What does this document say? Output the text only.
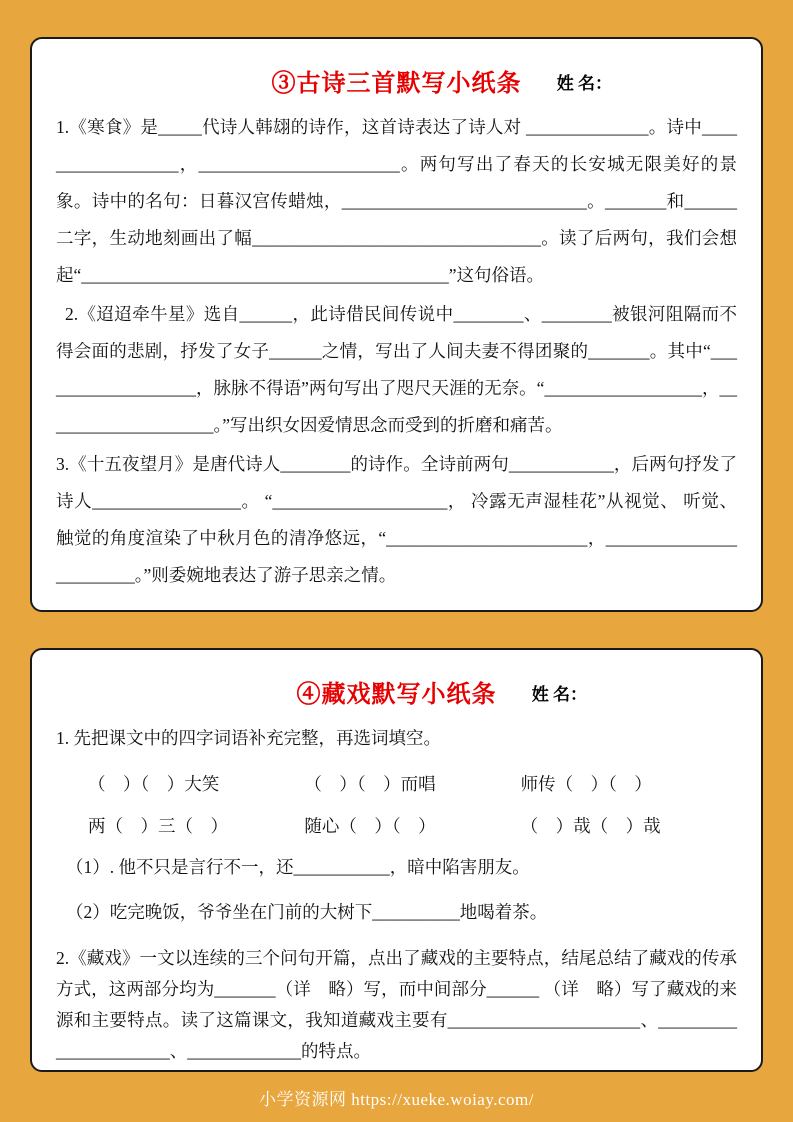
③古诗三首默写小纸条 姓 名：

1.《寒食》是_____代诗人韩翃的诗作，这首诗表达了诗人对 ______________。诗中__________________，_______________________。两句写出了春天的长安城无限美好的景象。诗中的名句：日暮汉宫传蜡烛，____________________________。_______和______二字，生动地刻画出了幅_________________________________。读了后两句，我们会想起“__________________________________________”这句俗语。

2.《迢迢牵牛星》选自______，此诗借民间传说中________、________被银河阻隔而不得会面的悲剧，抒发了女子______之情，写出了人间夫妻不得团聚的_______。其中“___________________，脉脉不得语”两句写出了咫尺天涯的无奈。“__________________，____________________。”写出织女因爱情思念而受到的折磨和痛苦。

3.《十五夜望月》是唐代诗人________的诗作。全诗前两句____________，后两句抒发了诗人_________________。 “____________________， 冷露无声湿桂花”从视觉、 听觉、触觉的角度渲染了中秋月色的清净悠远，“_______________________，________________________。”则委婉地表达了游子思亲之情。

④藏戏默写小纸条 姓 名：

1. 先把课文中的四字词语补充完整，再选词填空。

（　）（　）大笑	（　）（　）而唱	师传（　）（　）
两（　）三（　）	随心（　）（　）	（　）哉（　）哉

（1）. 他不只是言行不一，还___________，暗中陷害朋友。

（2）吃完晚饭，爷爷坐在门前的大树下__________地喝着茶。

2.《藏戏》一文以连续的三个问句开篇，点出了藏戏的主要特点，结尾总结了藏戏的传承方式，这两部分均为_______（详　略）写，而中间部分______ （详　略）写了藏戏的来源和主要特点。读了这篇课文，我知道藏戏主要有______________________、______________________、_____________的特点。

小学资源网 https://xueke.woiay.com/
